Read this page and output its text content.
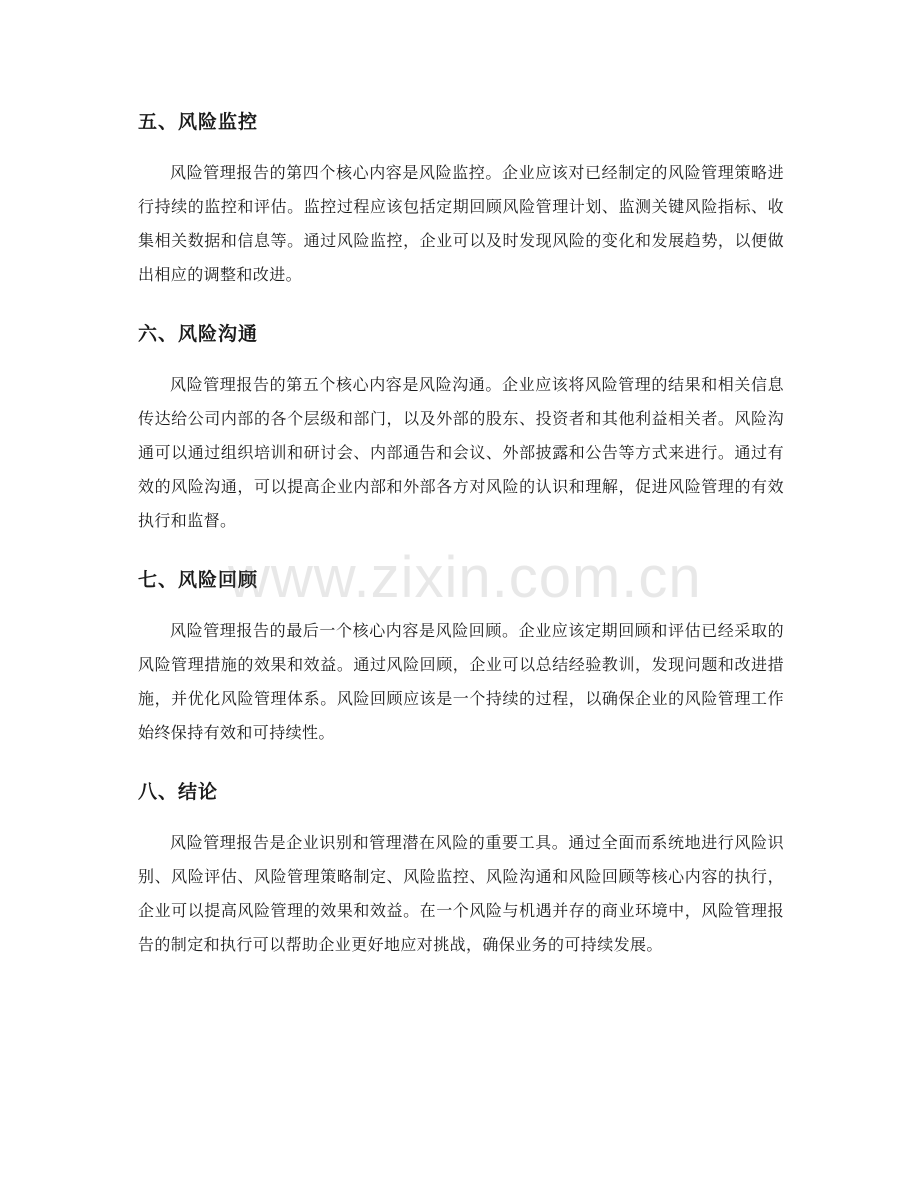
五、风险监控

风险管理报告的第四个核心内容是风险监控。企业应该对已经制定的风险管理策略进行持续的监控和评估。监控过程应该包括定期回顾风险管理计划、监测关键风险指标、收集相关数据和信息等。通过风险监控，企业可以及时发现风险的变化和发展趋势，以便做出相应的调整和改进。

六、风险沟通

风险管理报告的第五个核心内容是风险沟通。企业应该将风险管理的结果和相关信息传达给公司内部的各个层级和部门，以及外部的股东、投资者和其他利益相关者。风险沟通可以通过组织培训和研讨会、内部通告和会议、外部披露和公告等方式来进行。通过有效的风险沟通，可以提高企业内部和外部各方对风险的认识和理解，促进风险管理的有效执行和监督。

七、风险回顾

风险管理报告的最后一个核心内容是风险回顾。企业应该定期回顾和评估已经采取的风险管理措施的效果和效益。通过风险回顾，企业可以总结经验教训，发现问题和改进措施，并优化风险管理体系。风险回顾应该是一个持续的过程，以确保企业的风险管理工作始终保持有效和可持续性。

八、结论

风险管理报告是企业识别和管理潜在风险的重要工具。通过全面而系统地进行风险识别、风险评估、风险管理策略制定、风险监控、风险沟通和风险回顾等核心内容的执行，企业可以提高风险管理的效果和效益。在一个风险与机遇并存的商业环境中，风险管理报告的制定和执行可以帮助企业更好地应对挑战，确保业务的可持续发展。

www.zixin.com.cn
